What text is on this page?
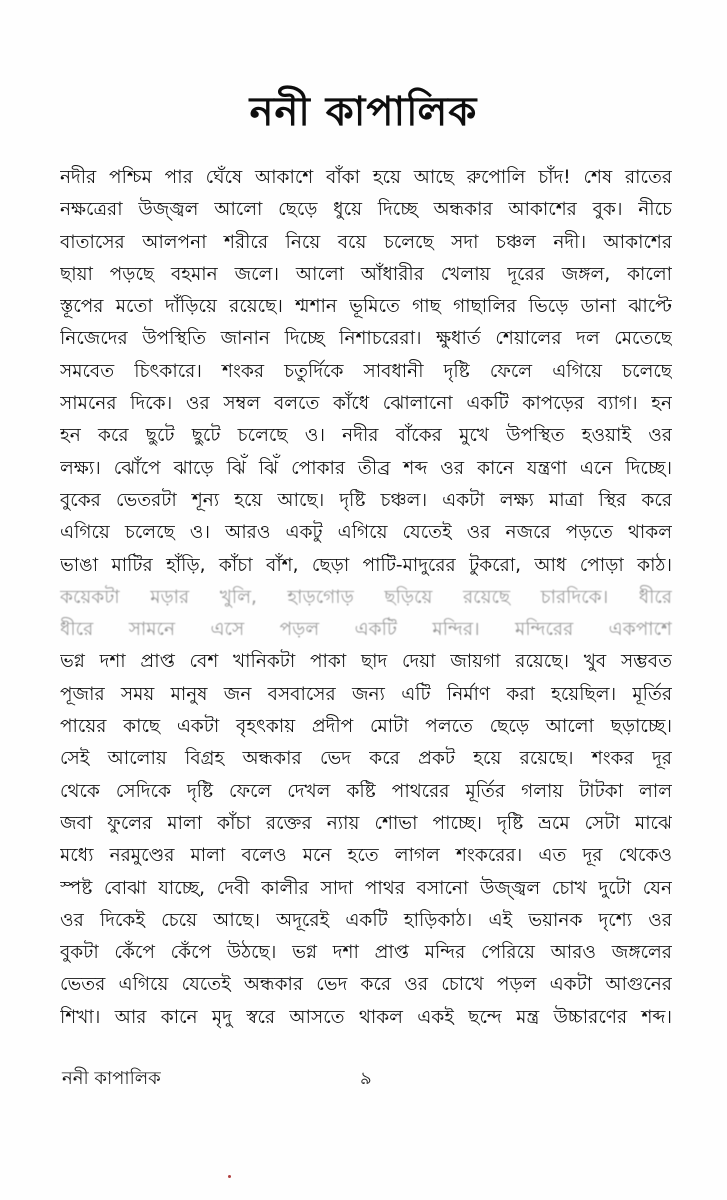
ননী কাপালিক
নদীর পশ্চিম পার ঘেঁষে আকাশে বাঁকা হয়ে আছে রুপোলি চাঁদ! শেষ রাতের
নক্ষত্রেরা উজ্জ্বল আলো ছেড়ে ধুয়ে দিচ্ছে অন্ধকার আকাশের বুক। নীচে
বাতাসের আলপনা শরীরে নিয়ে বয়ে চলেছে সদা চঞ্চল নদী। আকাশের
ছায়া পড়ছে বহমান জলে। আলো আঁধারীর খেলায় দূরের জঙ্গল, কালো
স্তূপের মতো দাঁড়িয়ে রয়েছে। শ্মশান ভূমিতে গাছ গাছালির ভিড়ে ডানা ঝাপ্টে
নিজেদের উপস্থিতি জানান দিচ্ছে নিশাচরেরা। ক্ষুধার্ত শেয়ালের দল মেতেছে
সমবেত চিৎকারে। শংকর চতুর্দিকে সাবধানী দৃষ্টি ফেলে এগিয়ে চলেছে
সামনের দিকে। ওর সম্বল বলতে কাঁধে ঝোলানো একটি কাপড়ের ব্যাগ। হন
হন করে ছুটে ছুটে চলেছে ও। নদীর বাঁকের মুখে উপস্থিত হওয়াই ওর
লক্ষ্য। ঝোঁপে ঝাড়ে ঝিঁ ঝিঁ পোকার তীব্র শব্দ ওর কানে যন্ত্রণা এনে দিচ্ছে।
বুকের ভেতরটা শূন্য হয়ে আছে। দৃষ্টি চঞ্চল। একটা লক্ষ্য মাত্রা স্থির করে
এগিয়ে চলেছে ও। আরও একটু এগিয়ে যেতেই ওর নজরে পড়তে থাকল
ভাঙা মাটির হাঁড়ি, কাঁচা বাঁশ, ছেড়া পাটি-মাদুরের টুকরো, আধ পোড়া কাঠ।
কয়েকটা মড়ার খুলি, হাড়গোড় ছড়িয়ে রয়েছে চারদিকে। ধীরে
ধীরে সামনে এসে পড়ল একটি মন্দির। মন্দিরের একপাশে
ভগ্ন দশা প্রাপ্ত বেশ খানিকটা পাকা ছাদ দেয়া জায়গা রয়েছে। খুব সম্ভবত
পূজার সময় মানুষ জন বসবাসের জন্য এটি নির্মাণ করা হয়েছিল। মূর্তির
পায়ের কাছে একটা বৃহৎকায় প্রদীপ মোটা পলতে ছেড়ে আলো ছড়াচ্ছে।
সেই আলোয় বিগ্রহ অন্ধকার ভেদ করে প্রকট হয়ে রয়েছে। শংকর দূর
থেকে সেদিকে দৃষ্টি ফেলে দেখল কষ্টি পাথরের মূর্তির গলায় টাটকা লাল
জবা ফুলের মালা কাঁচা রক্তের ন্যায় শোভা পাচ্ছে। দৃষ্টি ভ্রমে সেটা মাঝে
মধ্যে নরমুণ্ডের মালা বলেও মনে হতে লাগল শংকরের। এত দূর থেকেও
স্পষ্ট বোঝা যাচ্ছে, দেবী কালীর সাদা পাথর বসানো উজ্জ্বল চোখ দুটো যেন
ওর দিকেই চেয়ে আছে। অদূরেই একটি হাড়িকাঠ। এই ভয়ানক দৃশ্যে ওর
বুকটা কেঁপে কেঁপে উঠছে। ভগ্ন দশা প্রাপ্ত মন্দির পেরিয়ে আরও জঙ্গলের
ভেতর এগিয়ে যেতেই অন্ধকার ভেদ করে ওর চোখে পড়ল একটা আগুনের
শিখা। আর কানে মৃদু স্বরে আসতে থাকল একই ছন্দে মন্ত্র উচ্চারণের শব্দ।
ননী কাপালিক	৯
